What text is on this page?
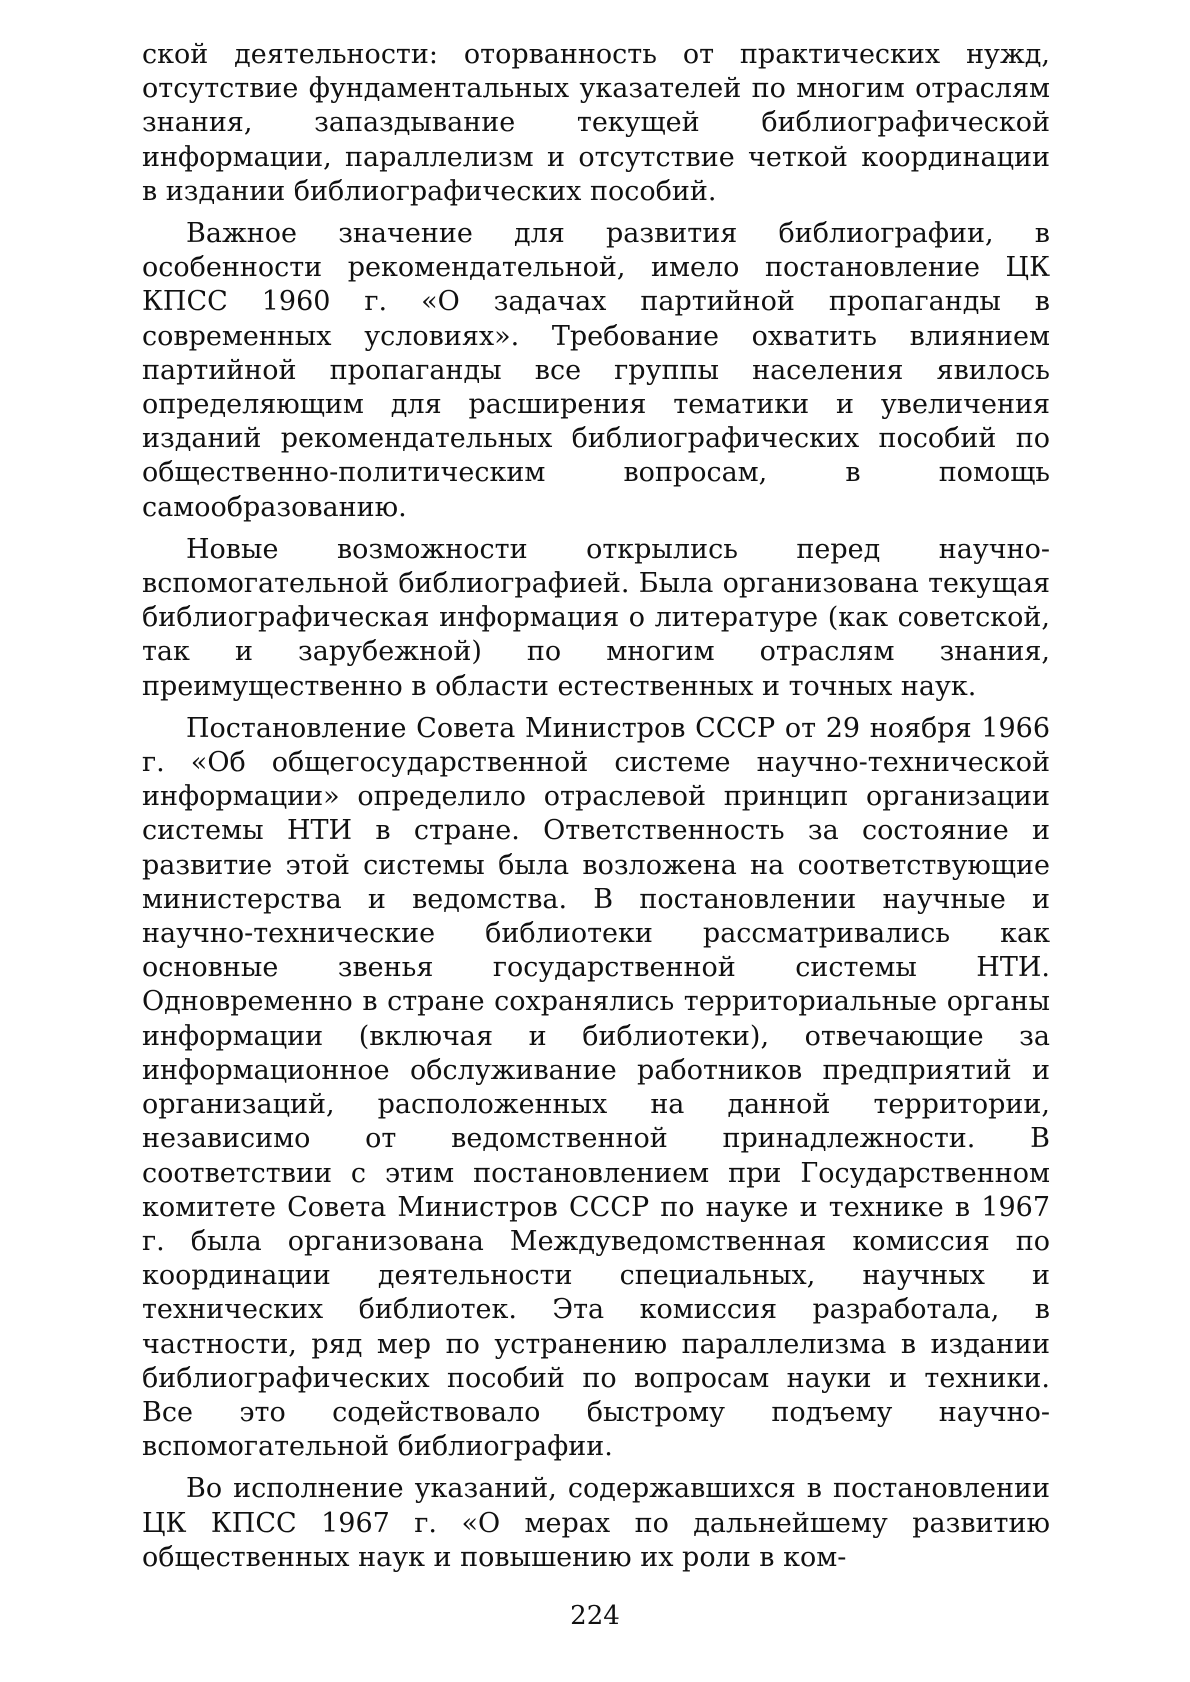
ской деятельности: оторванность от практических нужд, отсутствие фундаментальных указателей по многим отраслям знания, запаздывание текущей библиографической информации, параллелизм и отсутствие четкой координации в издании библиографических пособий.

Важное значение для развития библиографии, в особенности рекомендательной, имело постановление ЦК КПСС 1960 г. «О задачах партийной пропаганды в современных условиях». Требование охватить влиянием партийной пропаганды все группы населения явилось определяющим для расширения тематики и увеличения изданий рекомендательных библиографических пособий по общественно-политическим вопросам, в помощь самообразованию.

Новые возможности открылись перед научно-вспомогательной библиографией. Была организована текущая библиографическая информация о литературе (как советской, так и зарубежной) по многим отраслям знания, преимущественно в области естественных и точных наук.

Постановление Совета Министров СССР от 29 ноября 1966 г. «Об общегосударственной системе научно-технической информации» определило отраслевой принцип организации системы НТИ в стране. Ответственность за состояние и развитие этой системы была возложена на соответствующие министерства и ведомства. В постановлении научные и научно-технические библиотеки рассматривались как основные звенья государственной системы НТИ. Одновременно в стране сохранялись территориальные органы информации (включая и библиотеки), отвечающие за информационное обслуживание работников предприятий и организаций, расположенных на данной территории, независимо от ведомственной принадлежности. В соответствии с этим постановлением при Государственном комитете Совета Министров СССР по науке и технике в 1967 г. была организована Междуведомственная комиссия по координации деятельности специальных, научных и технических библиотек. Эта комиссия разработала, в частности, ряд мер по устранению параллелизма в издании библиографических пособий по вопросам науки и техники. Все это содействовало быстрому подъему научно-вспомогательной библиографии.

Во исполнение указаний, содержавшихся в постановлении ЦК КПСС 1967 г. «О мерах по дальнейшему развитию общественных наук и повышению их роли в ком-

224
